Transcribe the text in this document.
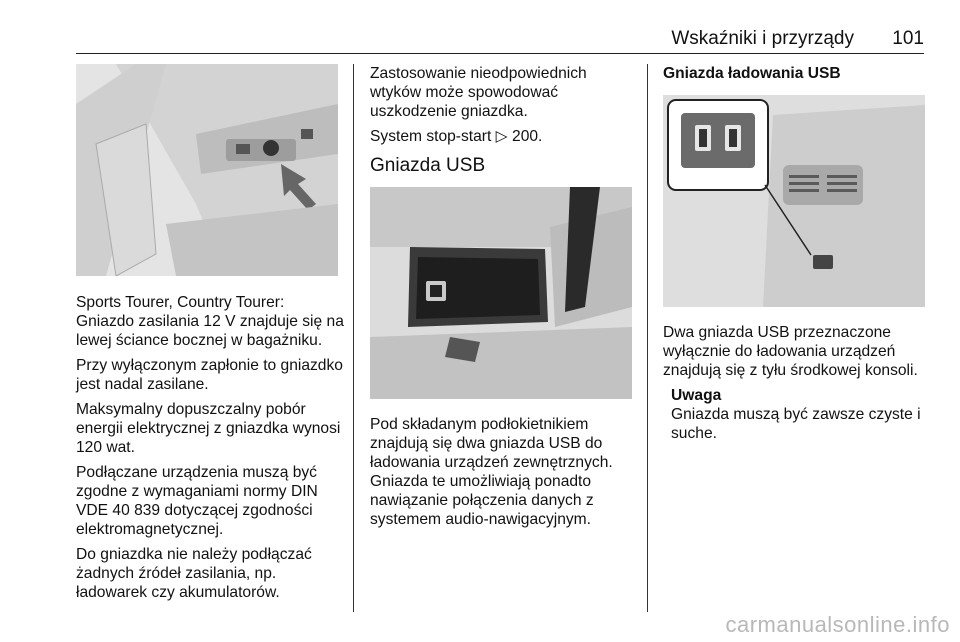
Wskaźniki i przyrządy 101

Sports Tourer, Country Tourer: Gniazdo zasilania 12 V znajduje się na lewej ściance bocznej w bagażniku.

Przy wyłączonym zapłonie to gniazdko jest nadal zasilane.

Maksymalny dopuszczalny pobór energii elektrycznej z gniazdka wynosi 120 wat.

Podłączane urządzenia muszą być zgodne z wymaganiami normy DIN VDE 40 839 dotyczącej zgodności elektromagnetycznej.

Do gniazdka nie należy podłączać żadnych źródeł zasilania, np. ładowarek czy akumulatorów.

Zastosowanie nieodpowiednich wtyków może spowodować uszkodzenie gniazdka.

System stop-start ▷ 200.

Gniazda USB

Pod składanym podłokietnikiem znajdują się dwa gniazda USB do ładowania urządzeń zewnętrznych. Gniazda te umożliwiają ponadto nawiązanie połączenia danych z systemem audio-nawigacyjnym.

Gniazda ładowania USB

Dwa gniazda USB przeznaczone wyłącznie do ładowania urządzeń znajdują się z tyłu środkowej konsoli.

Uwaga
Gniazda muszą być zawsze czyste i suche.
carmanualsonline.info
